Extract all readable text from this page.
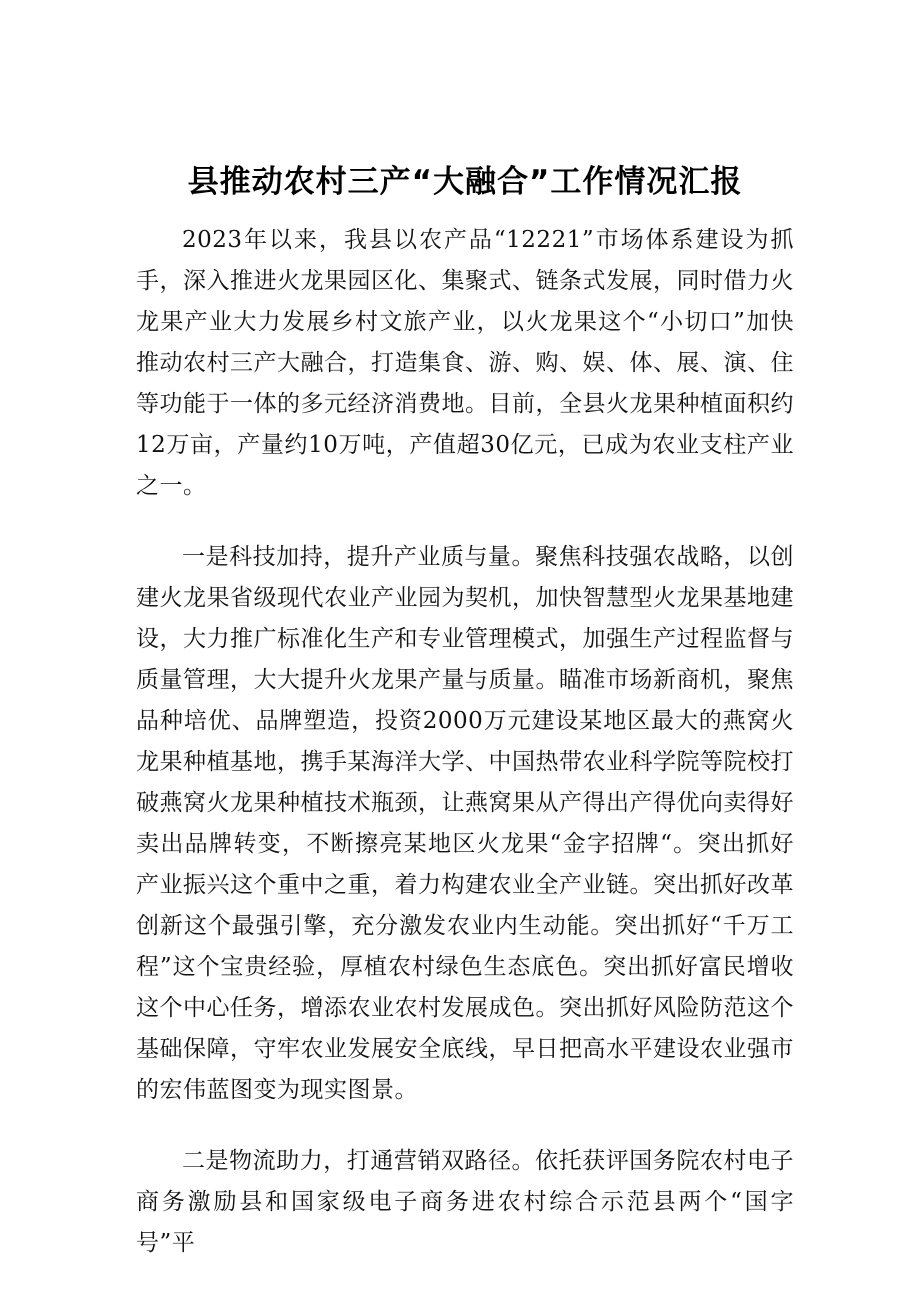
县推动农村三产“大融合”工作情况汇报

2023年以来，我县以农产品“12221”市场体系建设为抓手，深入推进火龙果园区化、集聚式、链条式发展，同时借力火龙果产业大力发展乡村文旅产业，以火龙果这个“小切口”加快推动农村三产大融合，打造集食、游、购、娱、体、展、演、住等功能于一体的多元经济消费地。目前，全县火龙果种植面积约12万亩，产量约10万吨，产值超30亿元，已成为农业支柱产业之一。

一是科技加持，提升产业质与量。聚焦科技强农战略，以创建火龙果省级现代农业产业园为契机，加快智慧型火龙果基地建设，大力推广标准化生产和专业管理模式，加强生产过程监督与质量管理，大大提升火龙果产量与质量。瞄准市场新商机，聚焦品种培优、品牌塑造，投资2000万元建设某地区最大的燕窝火龙果种植基地，携手某海洋大学、中国热带农业科学院等院校打破燕窝火龙果种植技术瓶颈，让燕窝果从产得出产得优向卖得好卖出品牌转变，不断擦亮某地区火龙果“金字招牌“。突出抓好产业振兴这个重中之重，着力构建农业全产业链。突出抓好改革创新这个最强引擎，充分激发农业内生动能。突出抓好“千万工程”这个宝贵经验，厚植农村绿色生态底色。突出抓好富民增收这个中心任务，增添农业农村发展成色。突出抓好风险防范这个基础保障，守牢农业发展安全底线，早日把高水平建设农业强市的宏伟蓝图变为现实图景。

二是物流助力，打通营销双路径。依托获评国务院农村电子商务激励县和国家级电子商务进农村综合示范县两个“国字号”平
